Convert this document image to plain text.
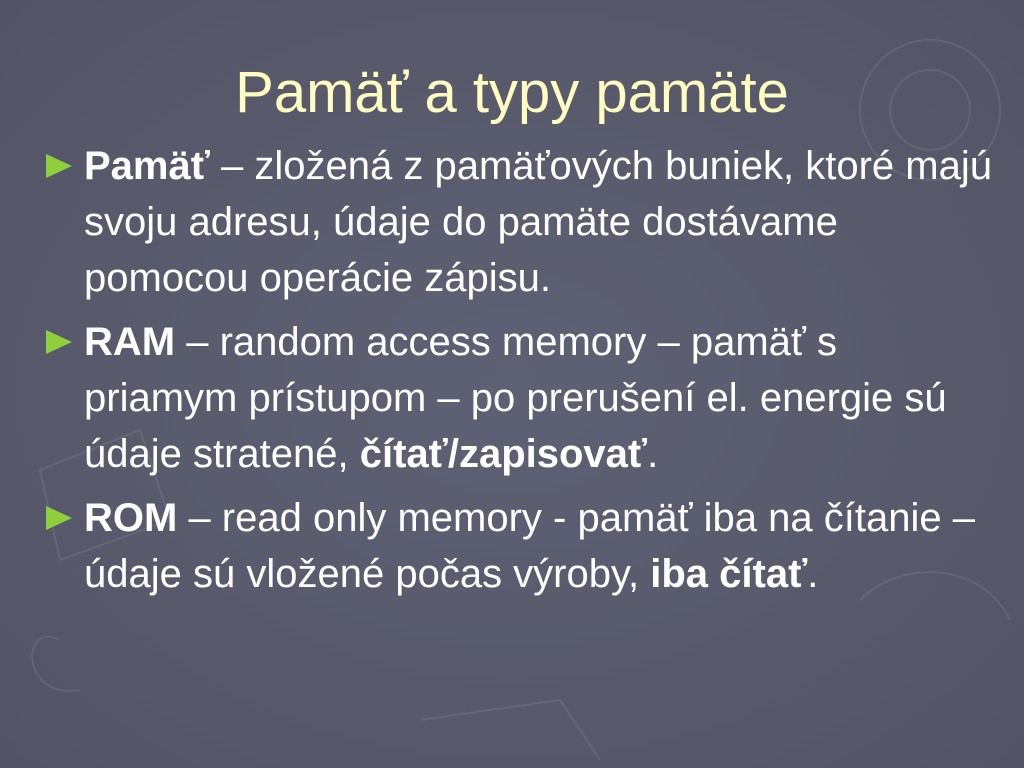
Pamäť a typy pamäte
Pamäť – zložená z pamäťových buniek, ktoré majú svoju adresu, údaje do pamäte dostávame pomocou operácie zápisu.
RAM – random access memory – pamäť s priamym prístupom – po prerušení el. energie sú údaje stratené, čítať/zapisovať.
ROM – read only memory - pamäť iba na čítanie – údaje sú vložené počas výroby, iba čítať.
